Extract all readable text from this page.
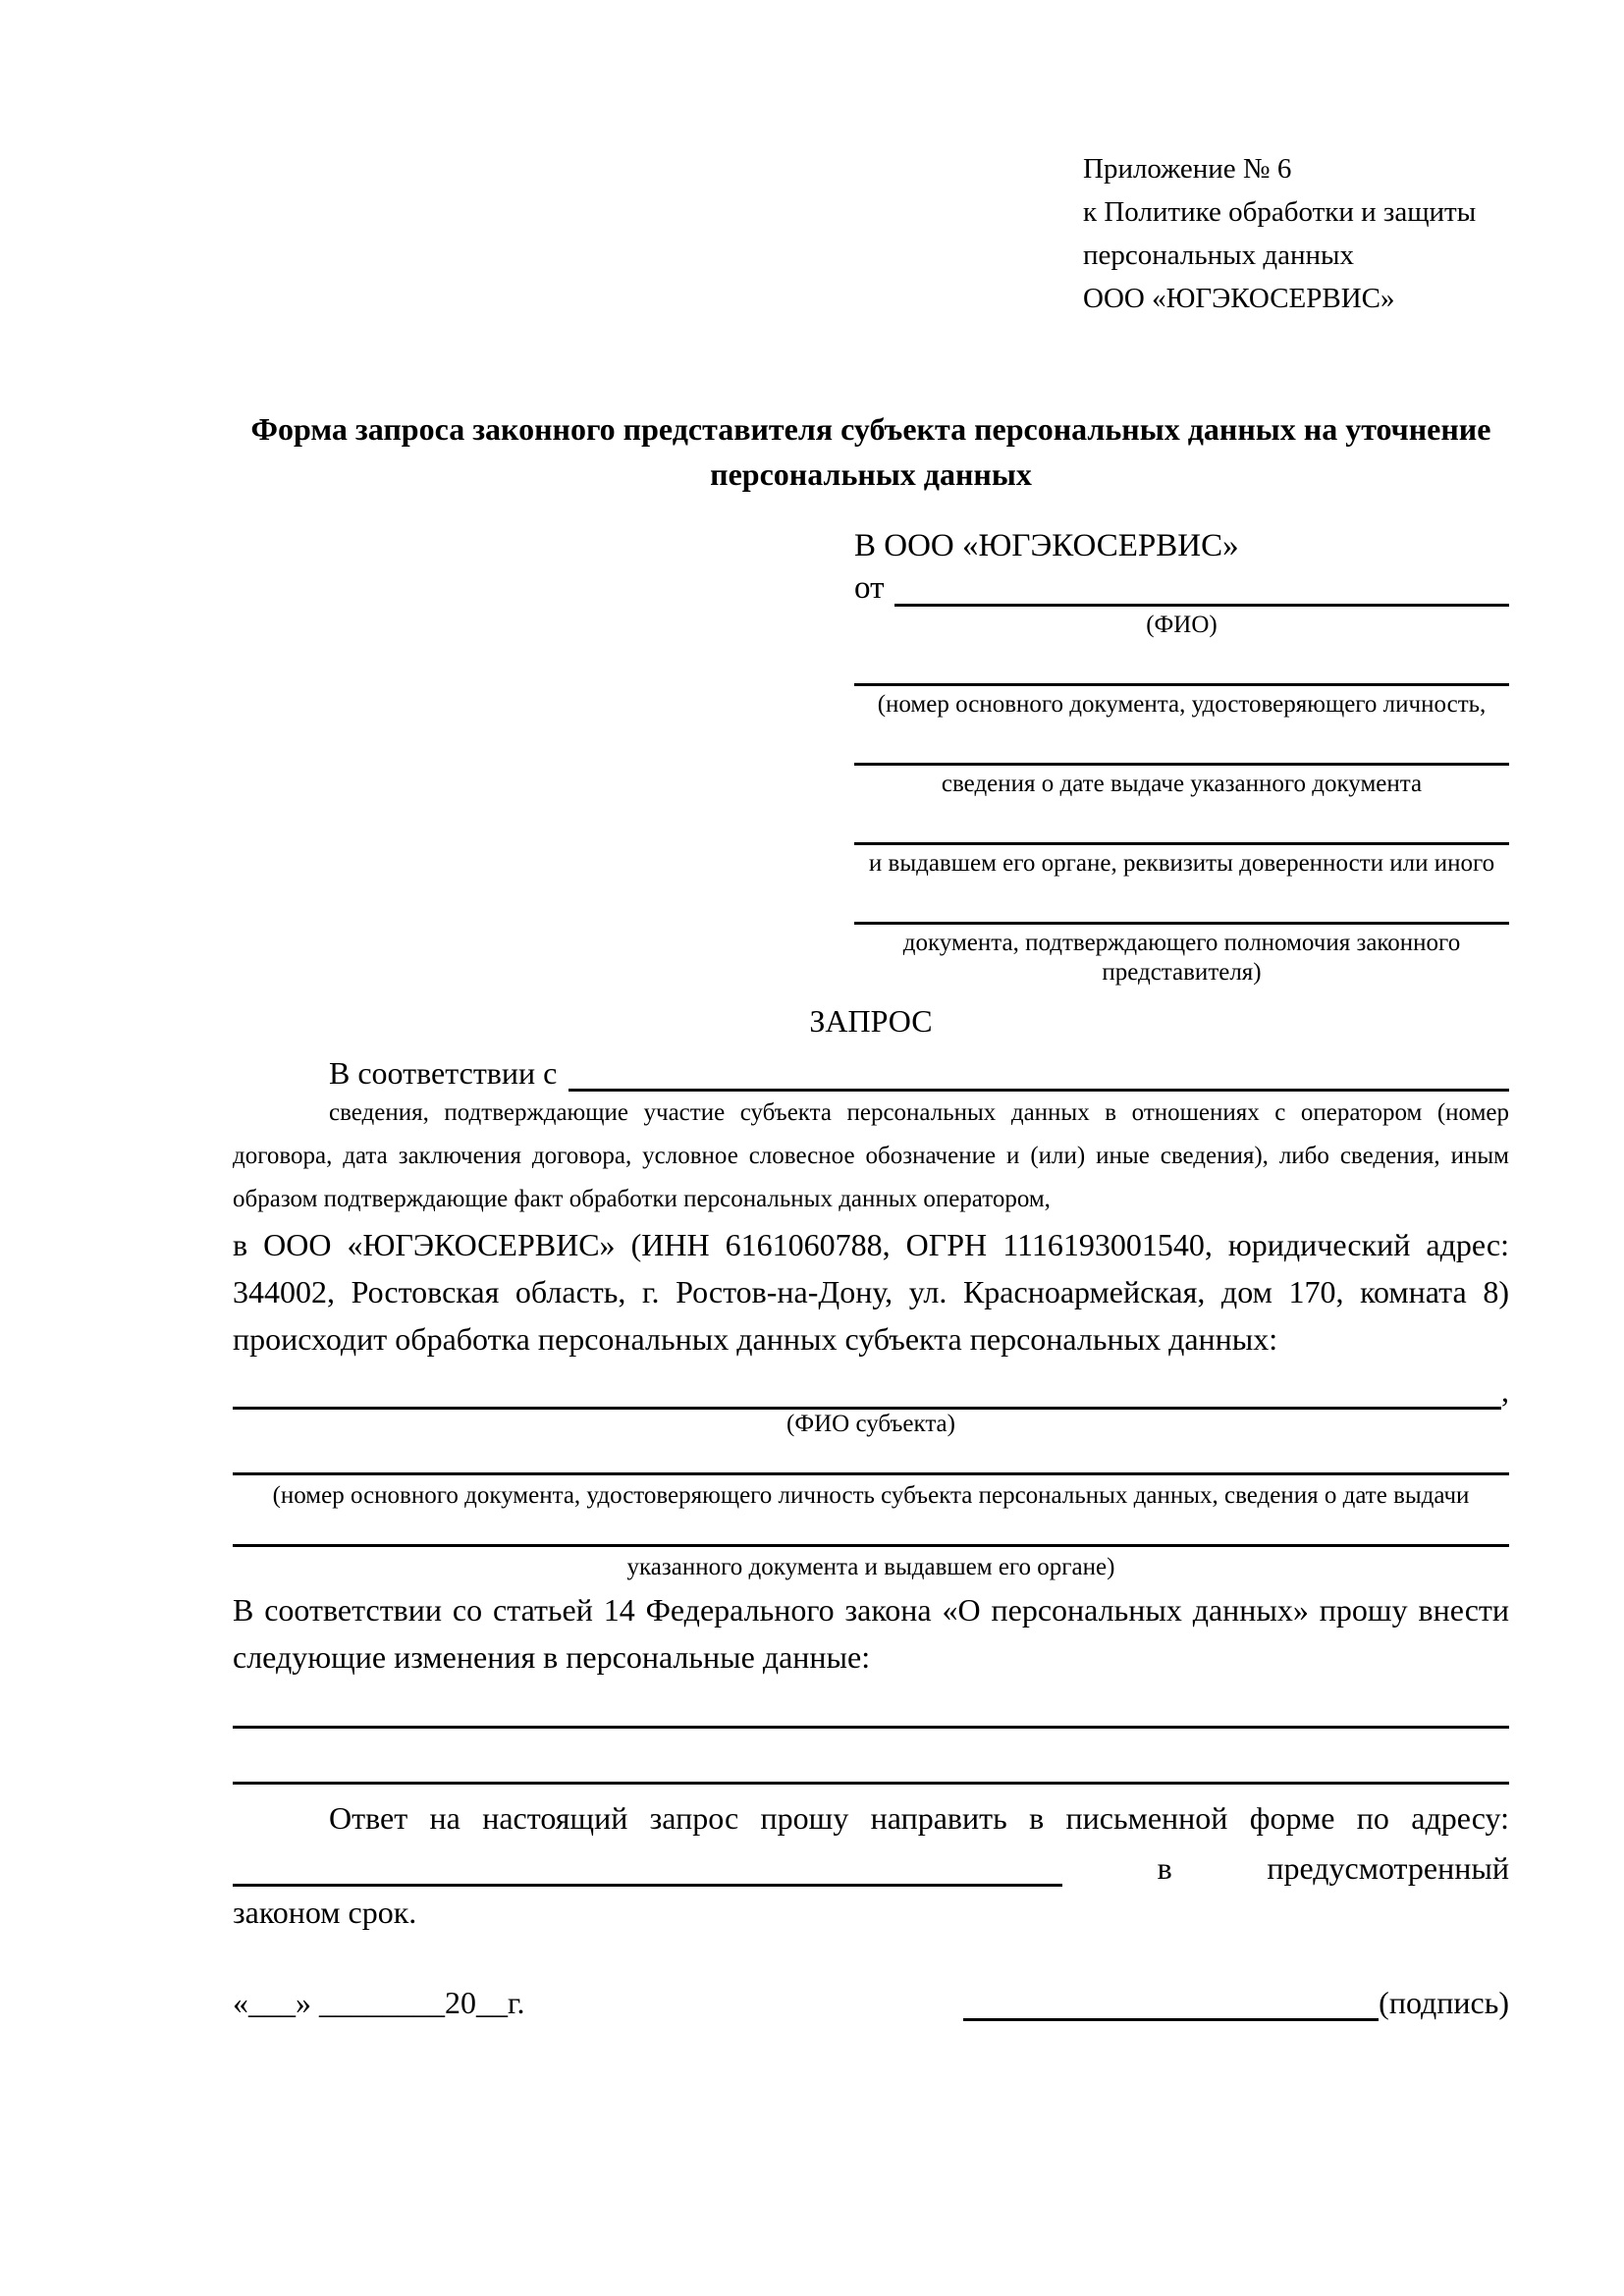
Приложение № 6
к Политике обработки и защиты
персональных данных
ООО «ЮГЭКОСЕРВИС»
Форма запроса законного представителя субъекта персональных данных на уточнение персональных данных
В ООО «ЮГЭКОСЕРВИС»
от
(ФИО)
(номер основного документа, удостоверяющего личность,
сведения о дате выдаче указанного документа
и выдавшем его органе, реквизиты доверенности или иного
документа, подтверждающего полномочия законного представителя)
ЗАПРОС
В соответствии с
сведения, подтверждающие участие субъекта персональных данных в отношениях с оператором (номер договора, дата заключения договора, условное словесное обозначение и (или) иные сведения), либо сведения, иным образом подтверждающие факт обработки персональных данных оператором,
в ООО «ЮГЭКОСЕРВИС» (ИНН 6161060788, ОГРН 1116193001540, юридический адрес: 344002, Ростовская область, г. Ростов-на-Дону, ул. Красноармейская, дом 170, комната 8) происходит обработка персональных данных субъекта персональных данных:
,
(ФИО субъекта)
(номер основного документа, удостоверяющего личность субъекта персональных данных, сведения о дате выдачи
указанного документа и выдавшем его органе)
В соответствии со статьей 14 Федерального закона «О персональных данных» прошу внести следующие изменения в персональные данные:
Ответ на настоящий запрос прошу направить в письменной форме по адресу:
в	предусмотренный
законом срок.
«___» ________20__г.	(подпись)
